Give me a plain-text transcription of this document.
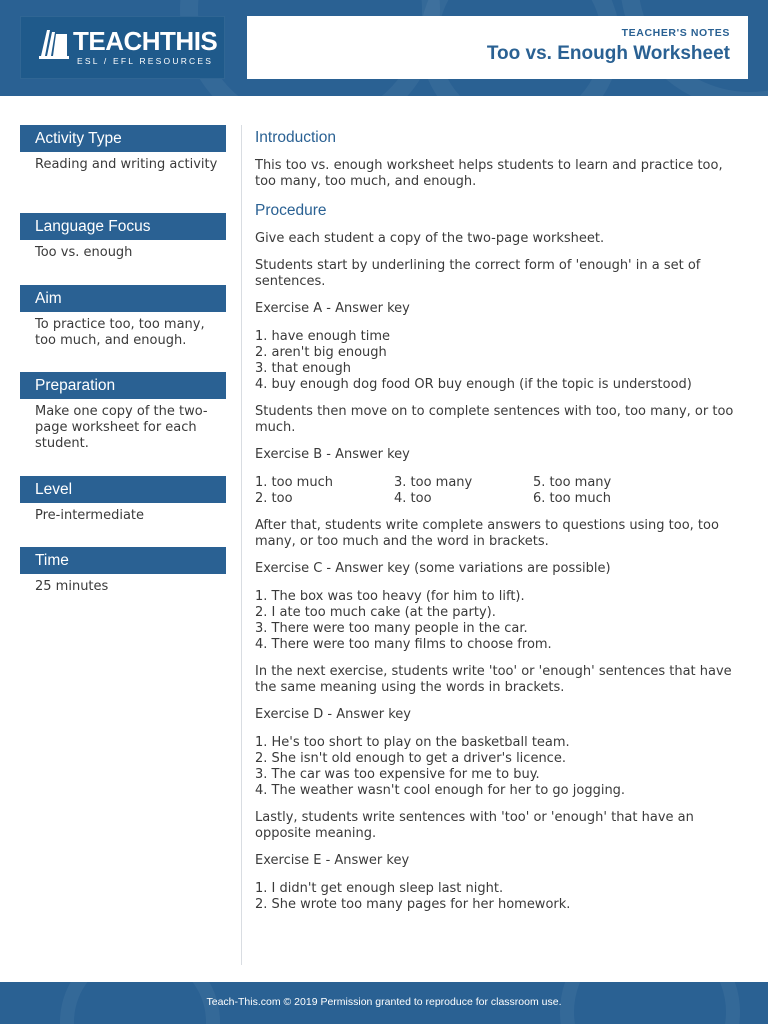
TEACHTHIS
ESL / EFL RESOURCES
TEACHER'S NOTES
Too vs. Enough Worksheet
Activity Type
Reading and writing activity
Language Focus
Too vs. enough
Aim
To practice too, too many, too much, and enough.
Preparation
Make one copy of the two-page worksheet for each student.
Level
Pre-intermediate
Time
25 minutes
Introduction
This too vs. enough worksheet helps students to learn and practice too, too many, too much, and enough.
Procedure
Give each student a copy of the two-page worksheet.
Students start by underlining the correct form of 'enough' in a set of sentences.
Exercise A - Answer key
1. have enough time
2. aren't big enough
3. that enough
4. buy enough dog food OR buy enough (if the topic is understood)
Students then move on to complete sentences with too, too many, or too much.
Exercise B - Answer key
1. too much	3. too many	5. too many
2. too	4. too	6. too much
After that, students write complete answers to questions using too, too many, or too much and the word in brackets.
Exercise C - Answer key (some variations are possible)
1. The box was too heavy (for him to lift).
2. I ate too much cake (at the party).
3. There were too many people in the car.
4. There were too many films to choose from.
In the next exercise, students write 'too' or 'enough' sentences that have the same meaning using the words in brackets.
Exercise D - Answer key
1. He's too short to play on the basketball team.
2. She isn't old enough to get a driver's licence.
3. The car was too expensive for me to buy.
4. The weather wasn't cool enough for her to go jogging.
Lastly, students write sentences with 'too' or 'enough' that have an opposite meaning.
Exercise E - Answer key
1. I didn't get enough sleep last night.
2. She wrote too many pages for her homework.
Teach-This.com © 2019 Permission granted to reproduce for classroom use.
